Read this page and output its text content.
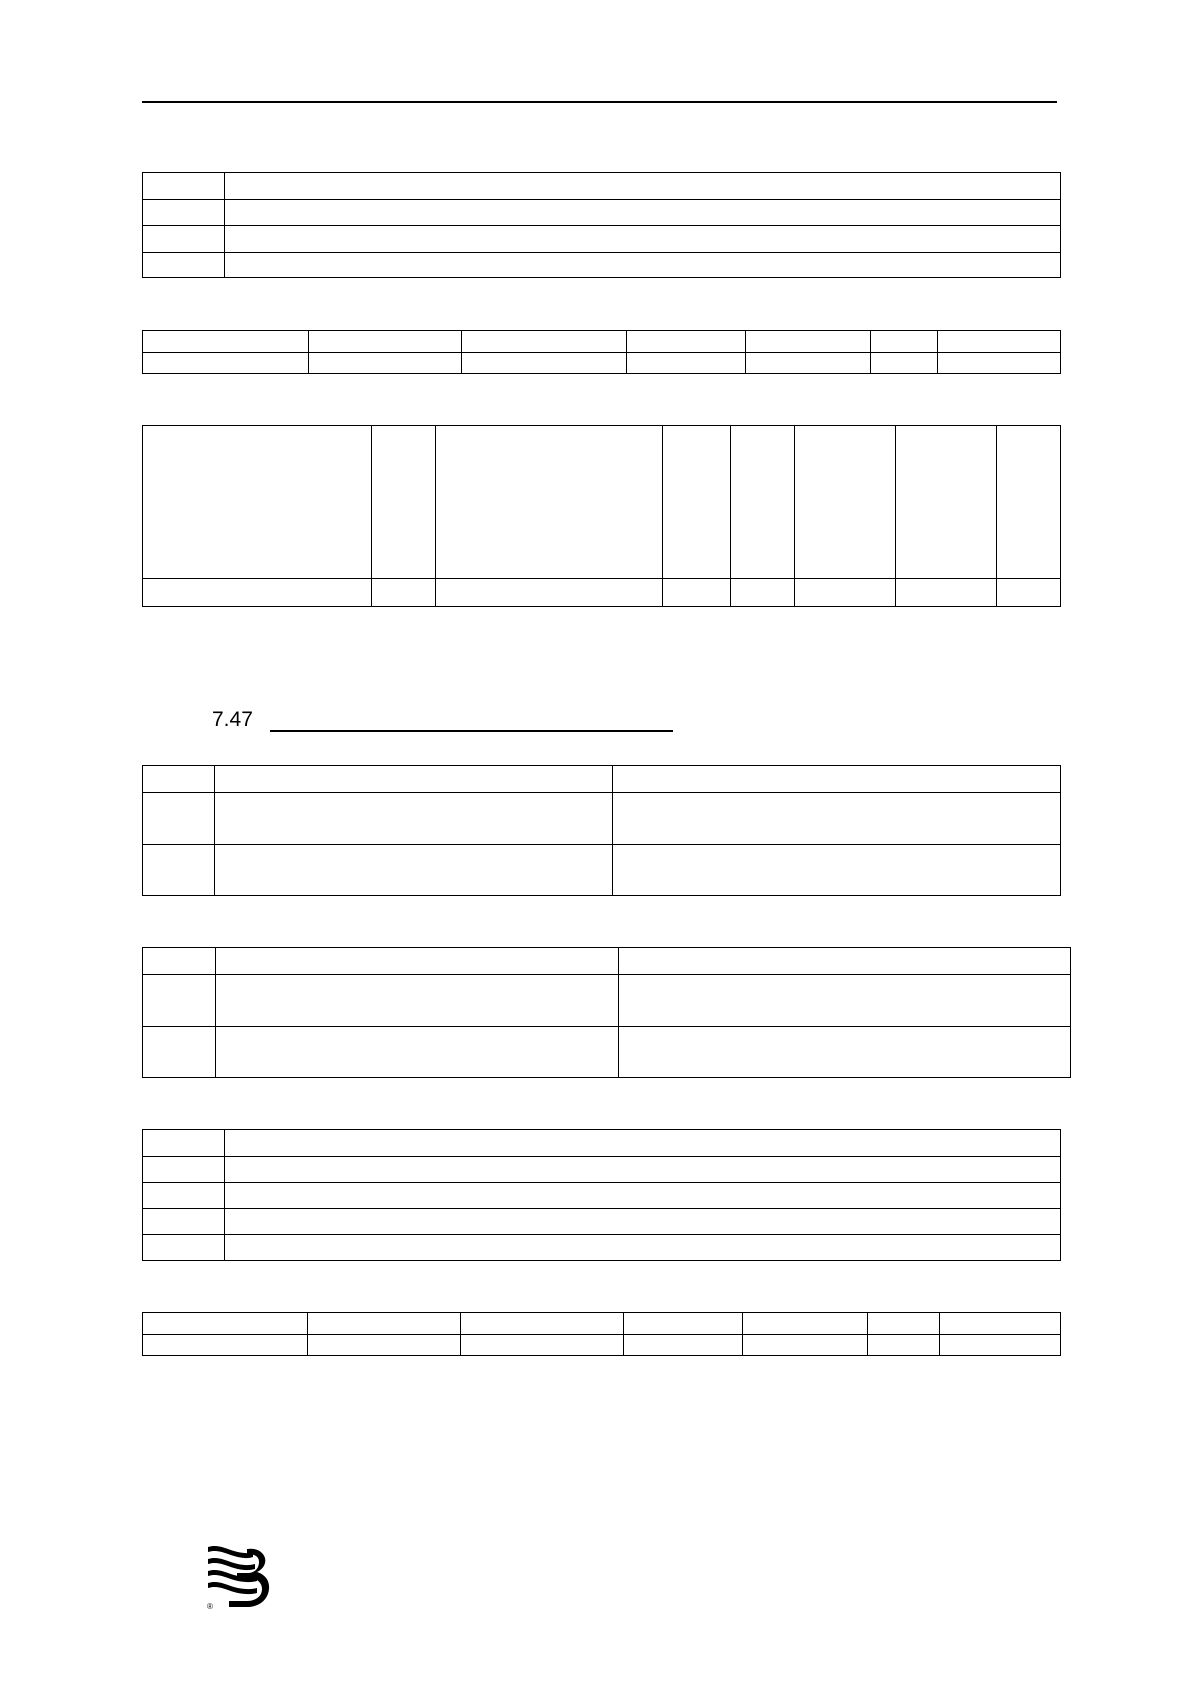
7.47

®
